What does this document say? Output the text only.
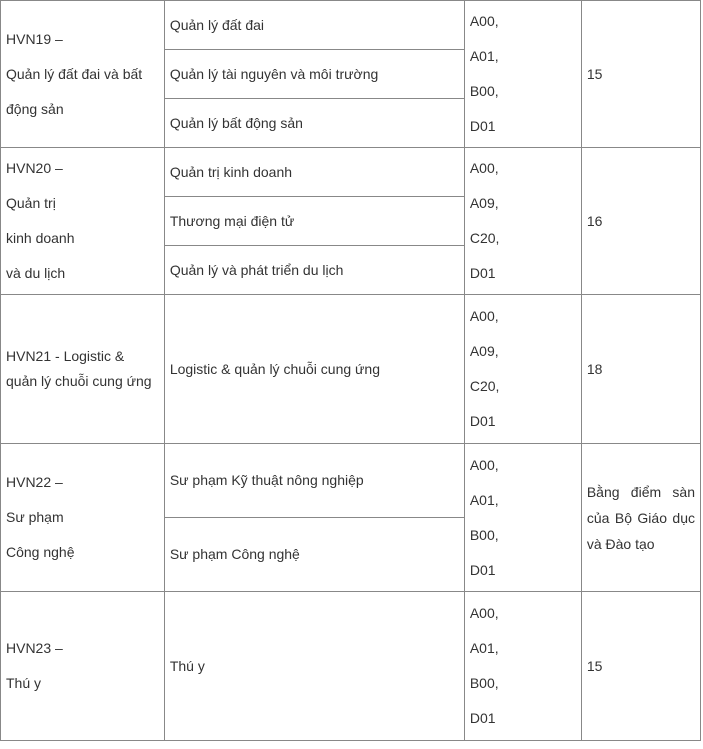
HVN19 –
Quản lý đất đai và bất động sản	Quản lý đất đai	A00,
A01,
B00,
D01	15
	Quản lý tài nguyên và môi trường		
	Quản lý bất động sản		

HVN20 –
Quản trị
kinh doanh
và du lịch	Quản trị kinh doanh	A00,
A09,
C20,
D01	16
	Thương mại điện tử		
	Quản lý và phát triển du lịch		
HVN21 - Logistic & quản lý chuỗi cung ứng	Logistic & quản lý chuỗi cung ứng	A00,
A09,
C20,
D01	18

HVN22 –
Sư phạm
Công nghệ	Sư phạm Kỹ thuật nông nghiệp	A00,
A01,
B00,
D01	Bằng điểm sàn của Bộ Giáo dục và Đào tạo

	Sư phạm Công nghệ		

HVN23 –
Thú y	Thú y	A00,
A01,
B00,
D01	15
